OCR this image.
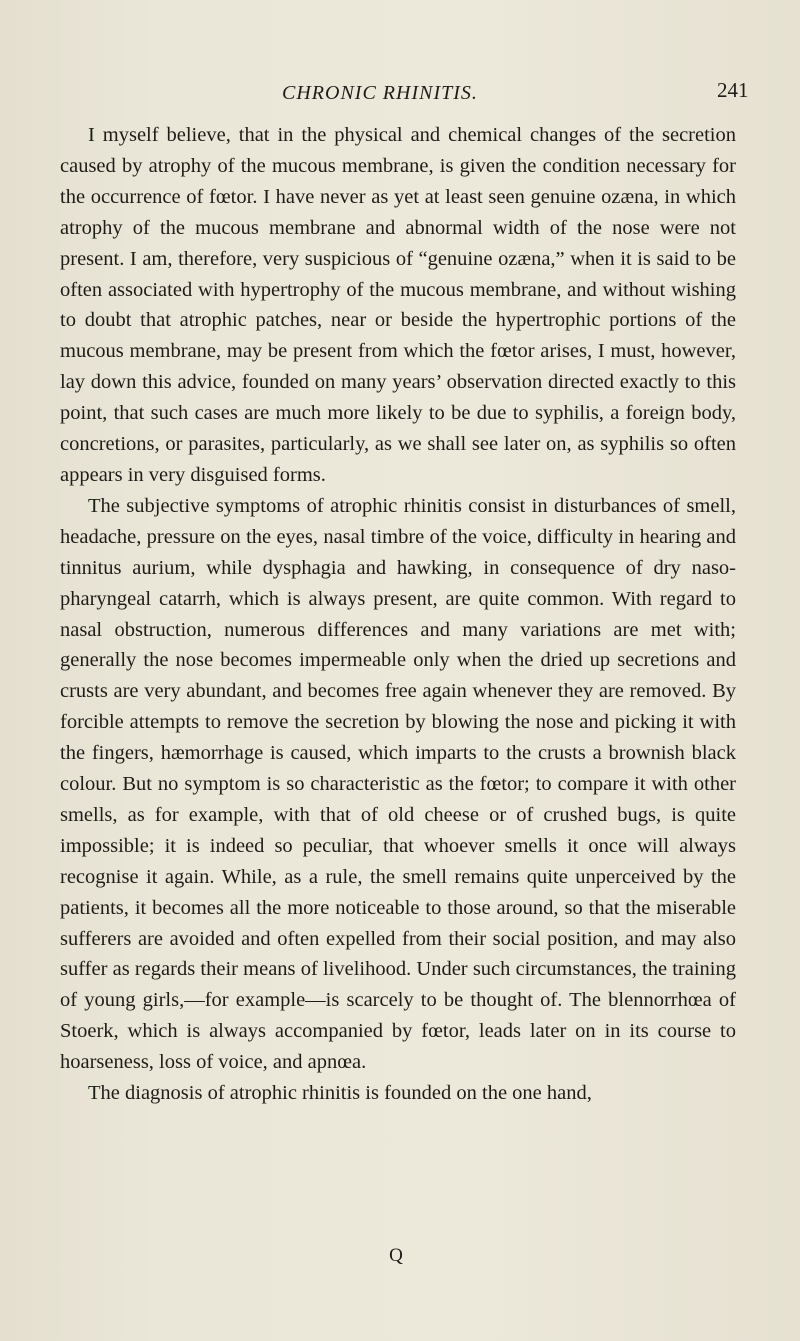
CHRONIC RHINITIS.	241

I myself believe, that in the physical and chemical changes of the secretion caused by atrophy of the mucous membrane, is given the condition necessary for the occurrence of fœtor. I have never as yet at least seen genuine ozæna, in which atrophy of the mucous membrane and abnormal width of the nose were not present. I am, therefore, very suspicious of “genuine ozæna,” when it is said to be often associated with hypertrophy of the mucous membrane, and without wishing to doubt that atrophic patches, near or beside the hypertrophic portions of the mucous membrane, may be present from which the fœtor arises, I must, however, lay down this advice, founded on many years’ observation directed exactly to this point, that such cases are much more likely to be due to syphilis, a foreign body, concretions, or parasites, particularly, as we shall see later on, as syphilis so often appears in very disguised forms.

The subjective symptoms of atrophic rhinitis consist in disturbances of smell, headache, pressure on the eyes, nasal timbre of the voice, difficulty in hearing and tinnitus aurium, while dysphagia and hawking, in consequence of dry naso-pharyngeal catarrh, which is always present, are quite common. With regard to nasal obstruction, numerous differences and many variations are met with; generally the nose becomes impermeable only when the dried up secretions and crusts are very abundant, and becomes free again whenever they are removed. By forcible attempts to remove the secretion by blowing the nose and picking it with the fingers, hæmorrhage is caused, which imparts to the crusts a brownish black colour. But no symptom is so characteristic as the fœtor; to compare it with other smells, as for example, with that of old cheese or of crushed bugs, is quite impossible; it is indeed so peculiar, that whoever smells it once will always recognise it again. While, as a rule, the smell remains quite unperceived by the patients, it becomes all the more noticeable to those around, so that the miserable sufferers are avoided and often expelled from their social position, and may also suffer as regards their means of livelihood. Under such circumstances, the training of young girls,—for example—is scarcely to be thought of. The blennorrhœa of Stoerk, which is always accompanied by fœtor, leads later on in its course to hoarseness, loss of voice, and apnœa.

The diagnosis of atrophic rhinitis is founded on the one hand,

Q
